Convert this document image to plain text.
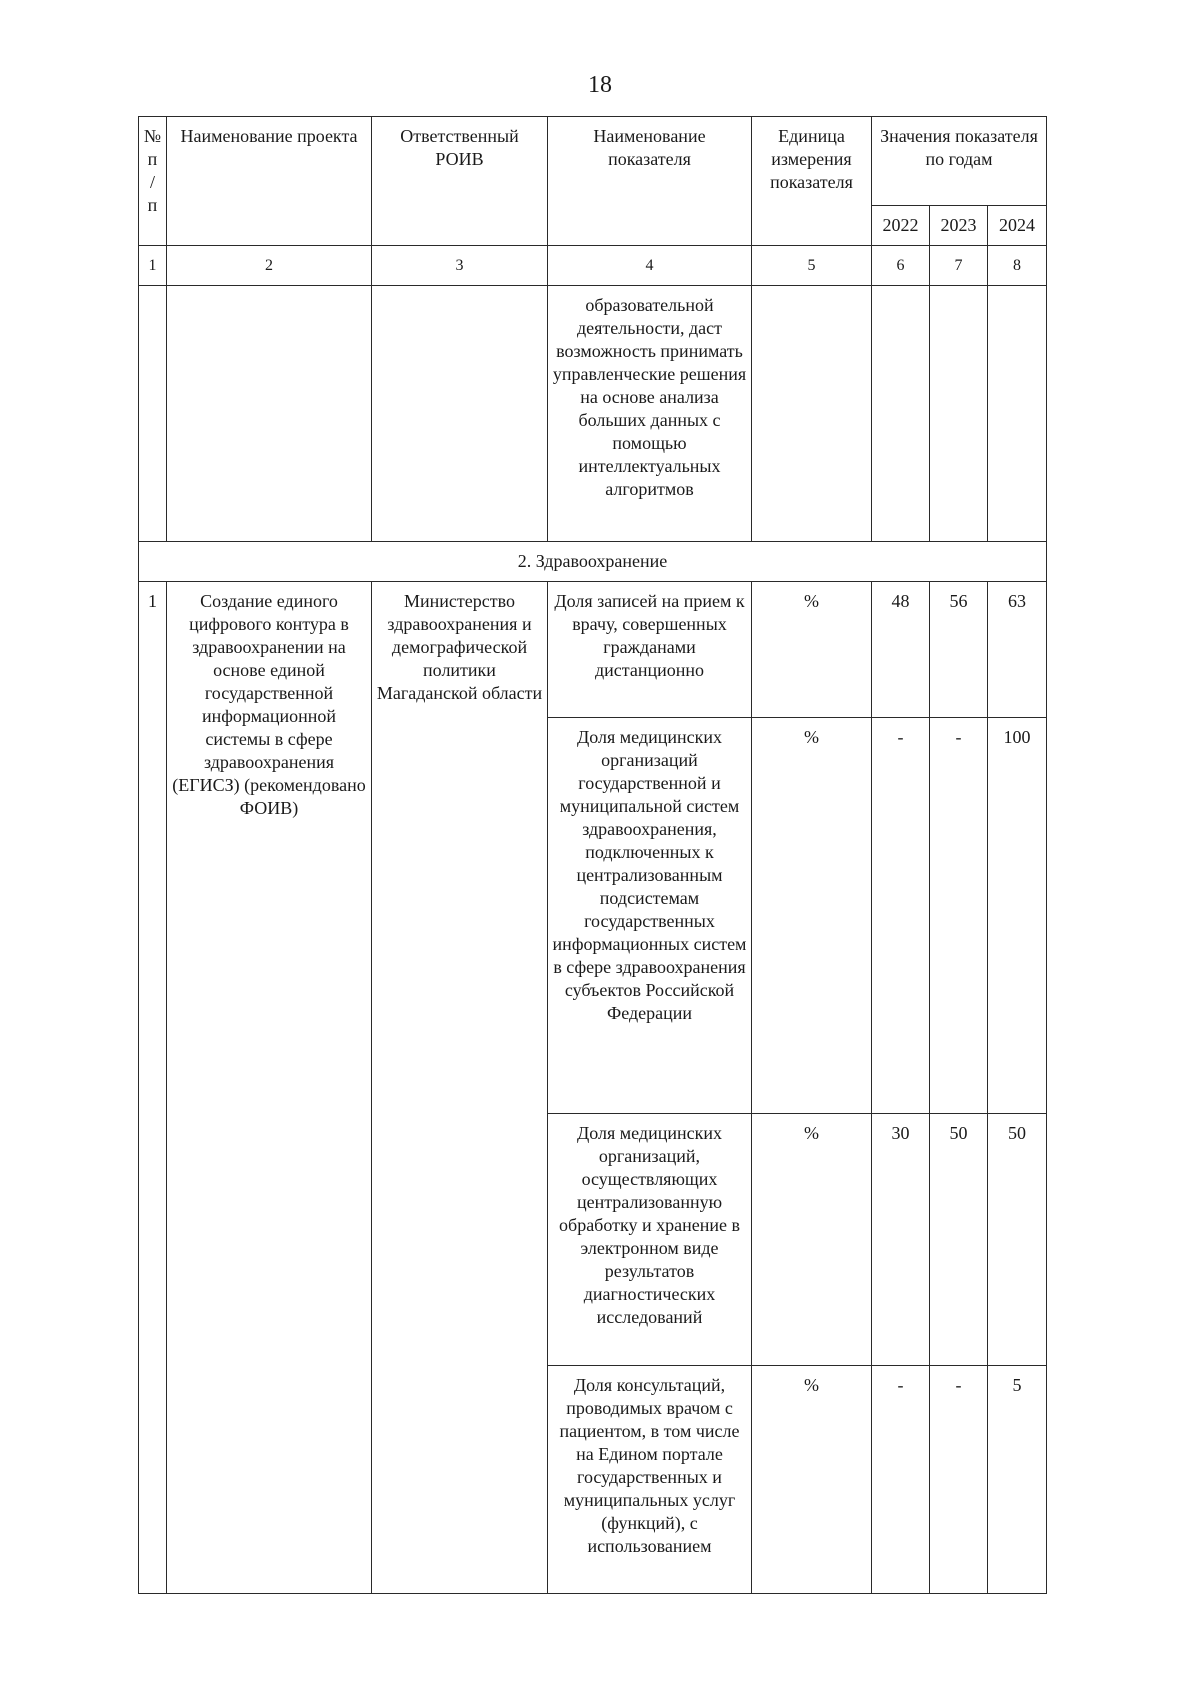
18
№ п / п	Наименование проекта	Ответственный РОИВ	Наименование показателя	Единица измерения показателя	Значения показателя по годам		
					2022	2023	2024
1	2	3	4	5	6	7	8
			образовательной деятельности, даст возможность принимать управленческие решения на основе анализа больших данных с помощью интеллектуальных алгоритмов				
2. Здравоохранение							
1	Создание единого цифрового контура в здравоохранении на основе единой государственной информационной системы в сфере здравоохранения (ЕГИСЗ) (рекомендовано ФОИВ)	Министерство здравоохранения и демографической политики Магаданской области	Доля записей на прием к врачу, совершенных гражданами дистанционно	%	48	56	63
			Доля медицинских организаций государственной и муниципальной систем здравоохранения, подключенных к централизованным подсистемам государственных информационных систем в сфере здравоохранения субъектов Российской Федерации	%	-	-	100
			Доля медицинских организаций, осуществляющих централизованную обработку и хранение в электронном виде результатов диагностических исследований	%	30	50	50
			Доля консультаций, проводимых врачом с пациентом, в том числе на Едином портале государственных и муниципальных услуг (функций), с использованием	%	-	-	5
